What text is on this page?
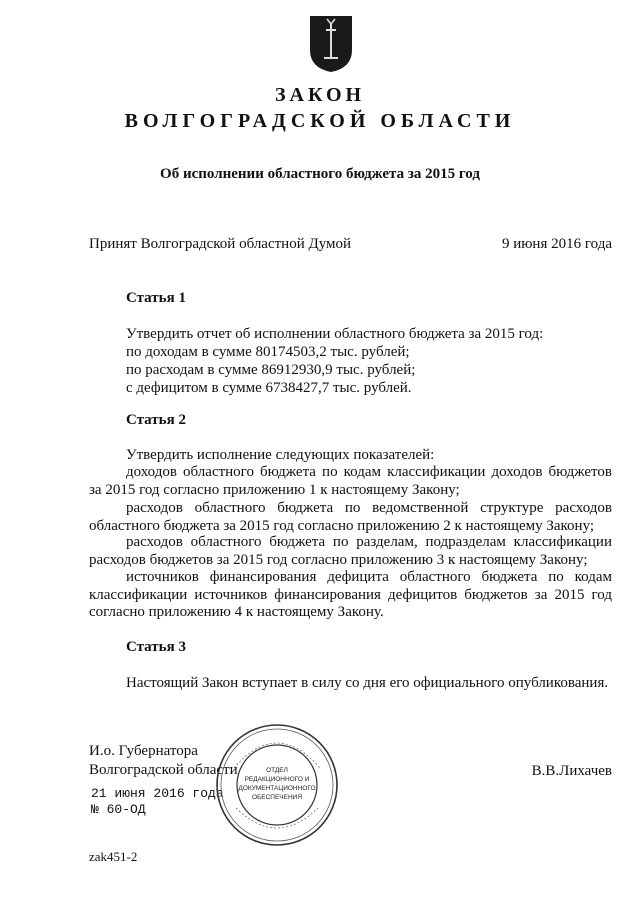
ЗАКОН
ВОЛГОГРАДСКОЙ ОБЛАСТИ
Об исполнении областного бюджета за 2015 год
Принят Волгоградской областной Думой	9 июня 2016 года
Статья 1
Утвердить отчет об исполнении областного бюджета за 2015 год:
по доходам в сумме 80174503,2 тыс. рублей;
по расходам в сумме 86912930,9 тыс. рублей;
с дефицитом в сумме 6738427,7 тыс. рублей.
Статья 2
Утвердить исполнение следующих показателей:
доходов областного бюджета по кодам классификации доходов бюджетов за 2015 год согласно приложению 1 к настоящему Закону;
расходов областного бюджета по ведомственной структуре расходов областного бюджета за 2015 год согласно приложению 2 к настоящему Закону;
расходов областного бюджета по разделам, подразделам классификации расходов бюджетов за 2015 год согласно приложению 3 к настоящему Закону;
источников финансирования дефицита областного бюджета по кодам классификации источников финансирования дефицитов бюджетов за 2015 год согласно приложению 4 к настоящему Закону.
Статья 3
Настоящий Закон вступает в силу со дня его официального опубликования.
И.о. Губернатора
Волгоградской области	В.В.Лихачев
21 июня 2016 года
№ 60-ОД
ОТДЕЛ
РЕДАКЦИОННОГО И
ДОКУМЕНТАЦИОННОГО
ОБЕСПЕЧЕНИЯ
zak451-2
